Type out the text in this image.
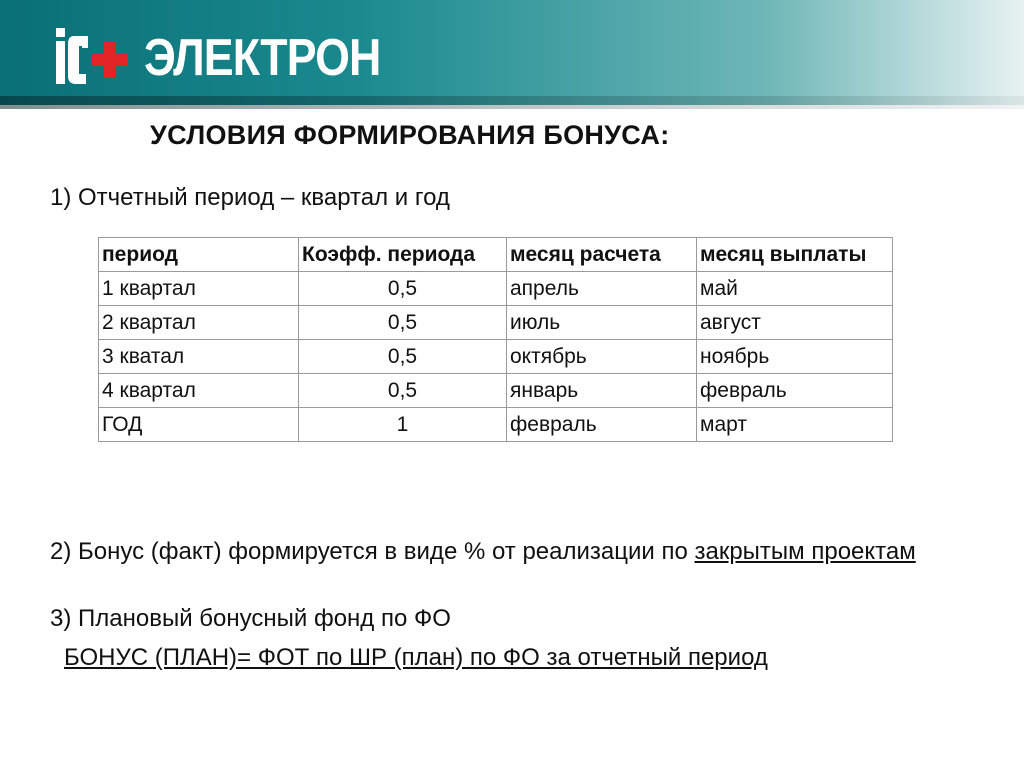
ЭЛЕКТРОН
УСЛОВИЯ ФОРМИРОВАНИЯ БОНУСА:
1) Отчетный период – квартал и год
период	Коэфф. периода	месяц расчета	месяц выплаты
1 квартал	0,5	апрель	май
2 квартал	0,5	июль	август
3 кватал	0,5	октябрь	ноябрь
4 квартал	0,5	январь	февраль
ГОД	1	февраль	март
2) Бонус (факт) формируется в виде % от реализации по закрытым проектам
3) Плановый бонусный фонд по ФО
БОНУС (ПЛАН)= ФОТ по ШР (план) по ФО за отчетный период
